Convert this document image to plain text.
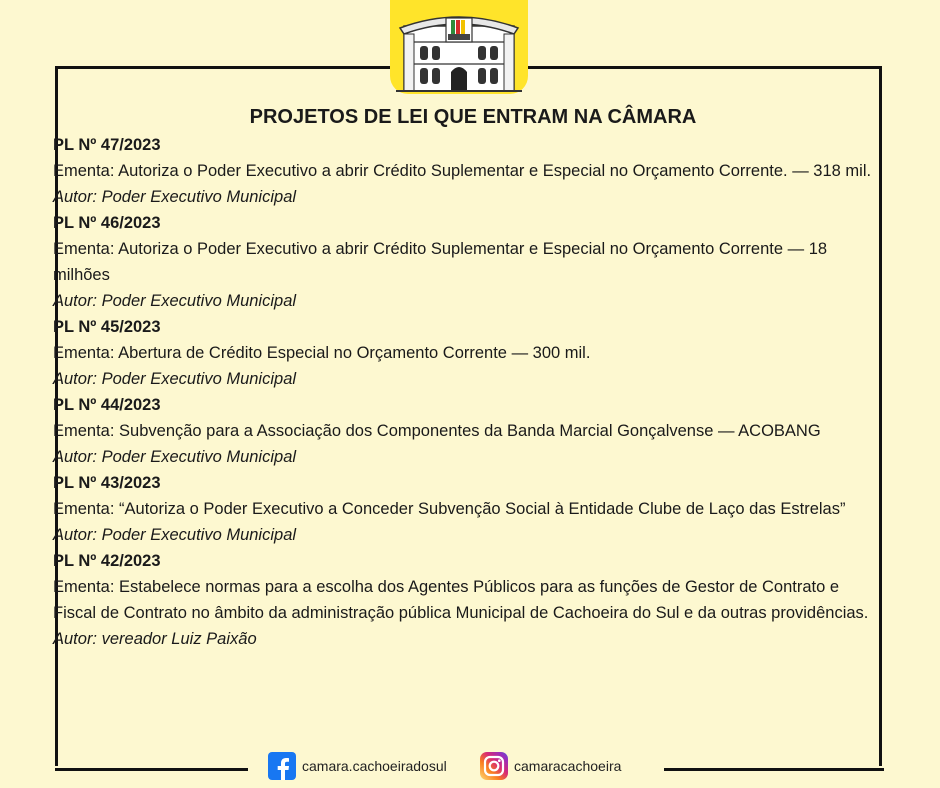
PROJETOS DE LEI QUE ENTRAM NA CÂMARA

PL Nº 47/2023

Ementa: Autoriza o Poder Executivo a abrir Crédito Suplementar e Especial no Orçamento Corrente. — 318 mil.

Autor: Poder Executivo Municipal

PL Nº 46/2023

Ementa: Autoriza o Poder Executivo a abrir Crédito Suplementar e Especial no Orçamento Corrente — 18 milhões

Autor: Poder Executivo Municipal

PL Nº 45/2023

Ementa: Abertura de Crédito Especial no Orçamento Corrente — 300 mil.

Autor: Poder Executivo Municipal

PL Nº 44/2023

Ementa: Subvenção para a Associação dos Componentes da Banda Marcial Gonçalvense — ACOBANG

Autor: Poder Executivo Municipal

PL Nº 43/2023

Ementa: “Autoriza o Poder Executivo a Conceder Subvenção Social à Entidade Clube de Laço das Estrelas”

Autor: Poder Executivo Municipal

PL Nº 42/2023

Ementa: Estabelece normas para a escolha dos Agentes Públicos para as funções de Gestor de Contrato e Fiscal de Contrato no âmbito da administração pública Municipal de Cachoeira do Sul e da outras providências.

Autor: vereador Luiz Paixão

camara.cachoeiradosul	camaracachoeira
